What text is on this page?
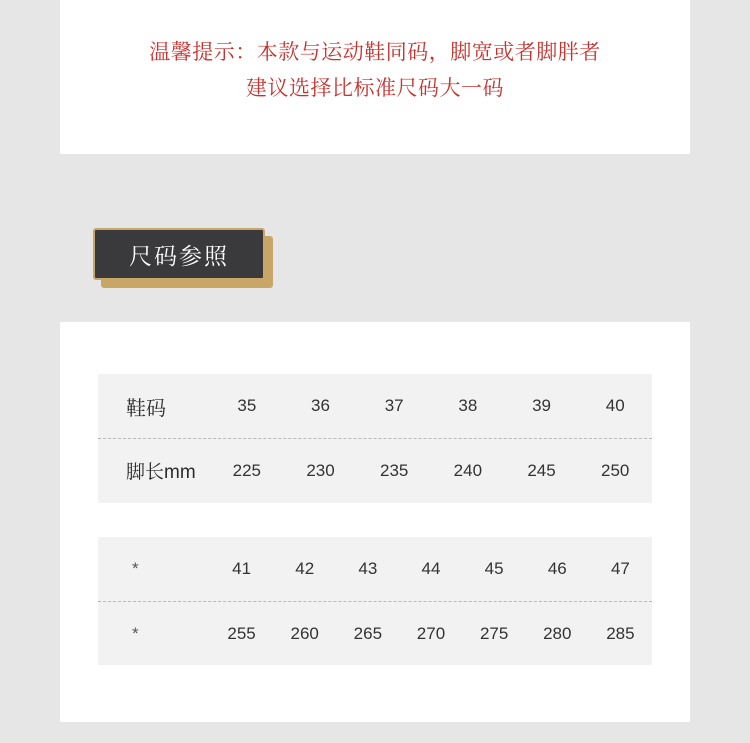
温馨提示：本款与运动鞋同码，脚宽或者脚胖者
建议选择比标准尺码大一码
尺码参照
鞋码	35	36	37	38	39	40
脚长mm	225	230	235	240	245	250
*	41	42	43	44	45	46	47
*	255	260	265	270	275	280	285
